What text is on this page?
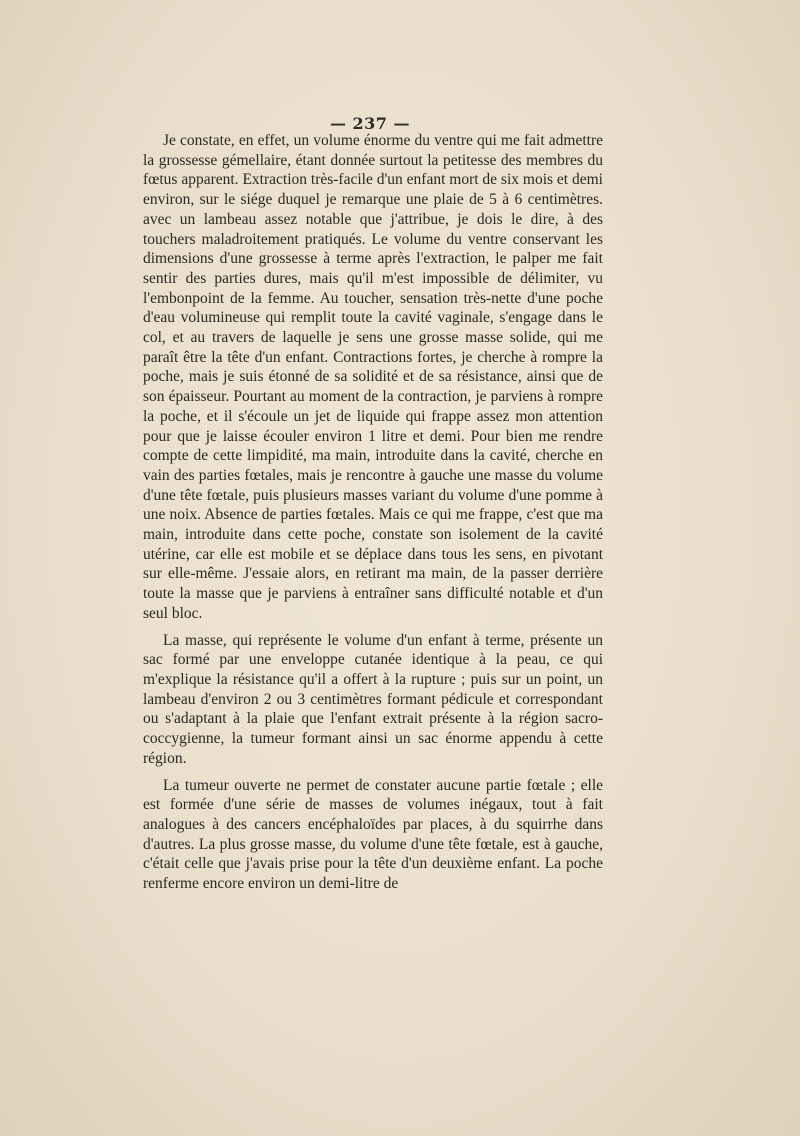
— 237 —

Je constate, en effet, un volume énorme du ventre qui me fait admettre la grossesse gémellaire, étant donnée surtout la petitesse des membres du fœtus apparent. Extraction très-facile d'un enfant mort de six mois et demi environ, sur le siége duquel je remarque une plaie de 5 à 6 centimètres. avec un lambeau assez notable que j'attribue, je dois le dire, à des touchers maladroitement pratiqués. Le volume du ventre conservant les dimensions d'une grossesse à terme après l'extraction, le palper me fait sentir des parties dures, mais qu'il m'est impossible de délimiter, vu l'embonpoint de la femme. Au toucher, sensation très-nette d'une poche d'eau volumineuse qui remplit toute la cavité vaginale, s'engage dans le col, et au travers de laquelle je sens une grosse masse solide, qui me paraît être la tête d'un enfant. Contractions fortes, je cherche à rompre la poche, mais je suis étonné de sa solidité et de sa résistance, ainsi que de son épaisseur. Pourtant au moment de la contraction, je parviens à rompre la poche, et il s'écoule un jet de liquide qui frappe assez mon attention pour que je laisse écouler environ 1 litre et demi. Pour bien me rendre compte de cette limpidité, ma main, introduite dans la cavité, cherche en vain des parties fœtales, mais je rencontre à gauche une masse du volume d'une tête fœtale, puis plusieurs masses variant du volume d'une pomme à une noix. Absence de parties fœtales. Mais ce qui me frappe, c'est que ma main, introduite dans cette poche, constate son isolement de la cavité utérine, car elle est mobile et se déplace dans tous les sens, en pivotant sur elle-même. J'essaie alors, en retirant ma main, de la passer derrière toute la masse que je parviens à entraîner sans difficulté notable et d'un seul bloc.

La masse, qui représente le volume d'un enfant à terme, présente un sac formé par une enveloppe cutanée identique à la peau, ce qui m'explique la résistance qu'il a offert à la rupture ; puis sur un point, un lambeau d'environ 2 ou 3 centimètres formant pédicule et correspondant ou s'adaptant à la plaie que l'enfant extrait présente à la région sacro-coccygienne, la tumeur formant ainsi un sac énorme appendu à cette région.

La tumeur ouverte ne permet de constater aucune partie fœtale ; elle est formée d'une série de masses de volumes inégaux, tout à fait analogues à des cancers encéphaloïdes par places, à du squirrhe dans d'autres. La plus grosse masse, du volume d'une tête fœtale, est à gauche, c'était celle que j'avais prise pour la tête d'un deuxième enfant. La poche renferme encore environ un demi-litre de
